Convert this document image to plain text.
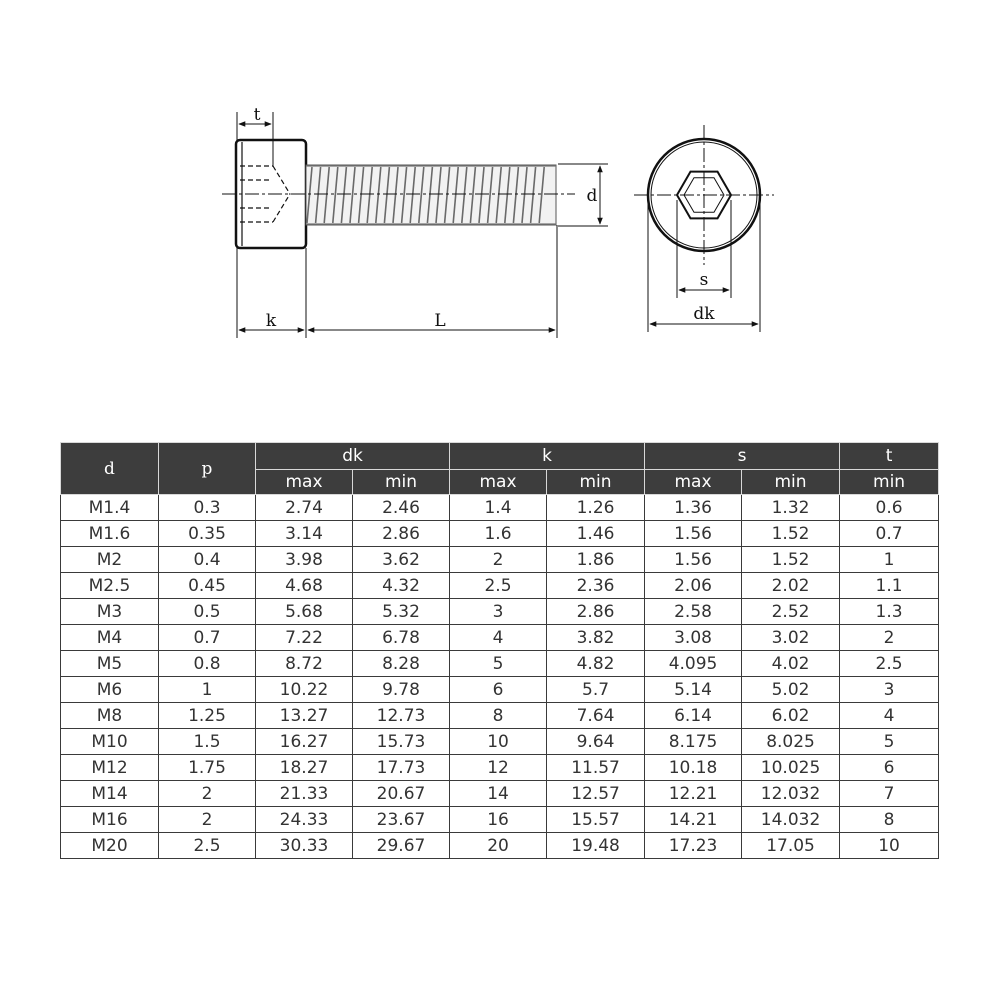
t
k	L
d
s
dk
d	p	dk		k		s		t
		max	min	max	min	max	min	min
M1.4	0.3	2.74	2.46	1.4	1.26	1.36	1.32	0.6
M1.6	0.35	3.14	2.86	1.6	1.46	1.56	1.52	0.7
M2	0.4	3.98	3.62	2	1.86	1.56	1.52	1
M2.5	0.45	4.68	4.32	2.5	2.36	2.06	2.02	1.1
M3	0.5	5.68	5.32	3	2.86	2.58	2.52	1.3
M4	0.7	7.22	6.78	4	3.82	3.08	3.02	2
M5	0.8	8.72	8.28	5	4.82	4.095	4.02	2.5
M6	1	10.22	9.78	6	5.7	5.14	5.02	3
M8	1.25	13.27	12.73	8	7.64	6.14	6.02	4
M10	1.5	16.27	15.73	10	9.64	8.175	8.025	5
M12	1.75	18.27	17.73	12	11.57	10.18	10.025	6
M14	2	21.33	20.67	14	12.57	12.21	12.032	7
M16	2	24.33	23.67	16	15.57	14.21	14.032	8
M20	2.5	30.33	29.67	20	19.48	17.23	17.05	10
